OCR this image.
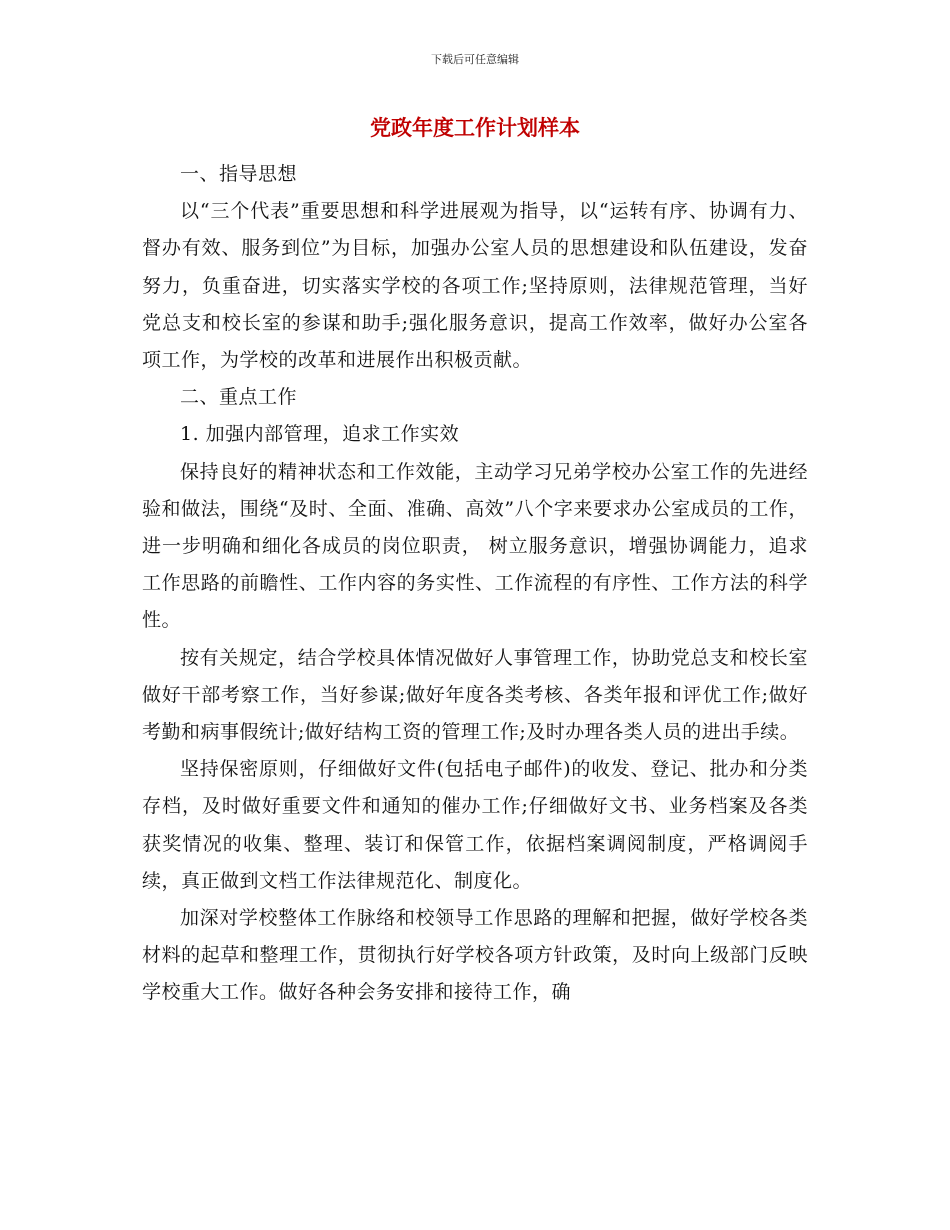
下载后可任意编辑
党政年度工作计划样本

一、指导思想

以“三个代表”重要思想和科学进展观为指导，以“运转有序、协调有力、督办有效、服务到位”为目标，加强办公室人员的思想建设和队伍建设，发奋努力，负重奋进，切实落实学校的各项工作;坚持原则，法律规范管理，当好党总支和校长室的参谋和助手;强化服务意识，提高工作效率，做好办公室各项工作，为学校的改革和进展作出积极贡献。

二、重点工作

1. 加强内部管理，追求工作实效

保持良好的精神状态和工作效能，主动学习兄弟学校办公室工作的先进经验和做法，围绕“及时、全面、准确、高效”八个字来要求办公室成员的工作，进一步明确和细化各成员的岗位职责， 树立服务意识，增强协调能力，追求工作思路的前瞻性、工作内容的务实性、工作流程的有序性、工作方法的科学性。

按有关规定，结合学校具体情况做好人事管理工作，协助党总支和校长室做好干部考察工作，当好参谋;做好年度各类考核、各类年报和评优工作;做好考勤和病事假统计;做好结构工资的管理工作;及时办理各类人员的进出手续。

坚持保密原则，仔细做好文件(包括电子邮件)的收发、登记、批办和分类存档，及时做好重要文件和通知的催办工作;仔细做好文书、业务档案及各类获奖情况的收集、整理、装订和保管工作，依据档案调阅制度，严格调阅手续，真正做到文档工作法律规范化、制度化。

加深对学校整体工作脉络和校领导工作思路的理解和把握，做好学校各类材料的起草和整理工作，贯彻执行好学校各项方针政策，及时向上级部门反映学校重大工作。做好各种会务安排和接待工作，确
